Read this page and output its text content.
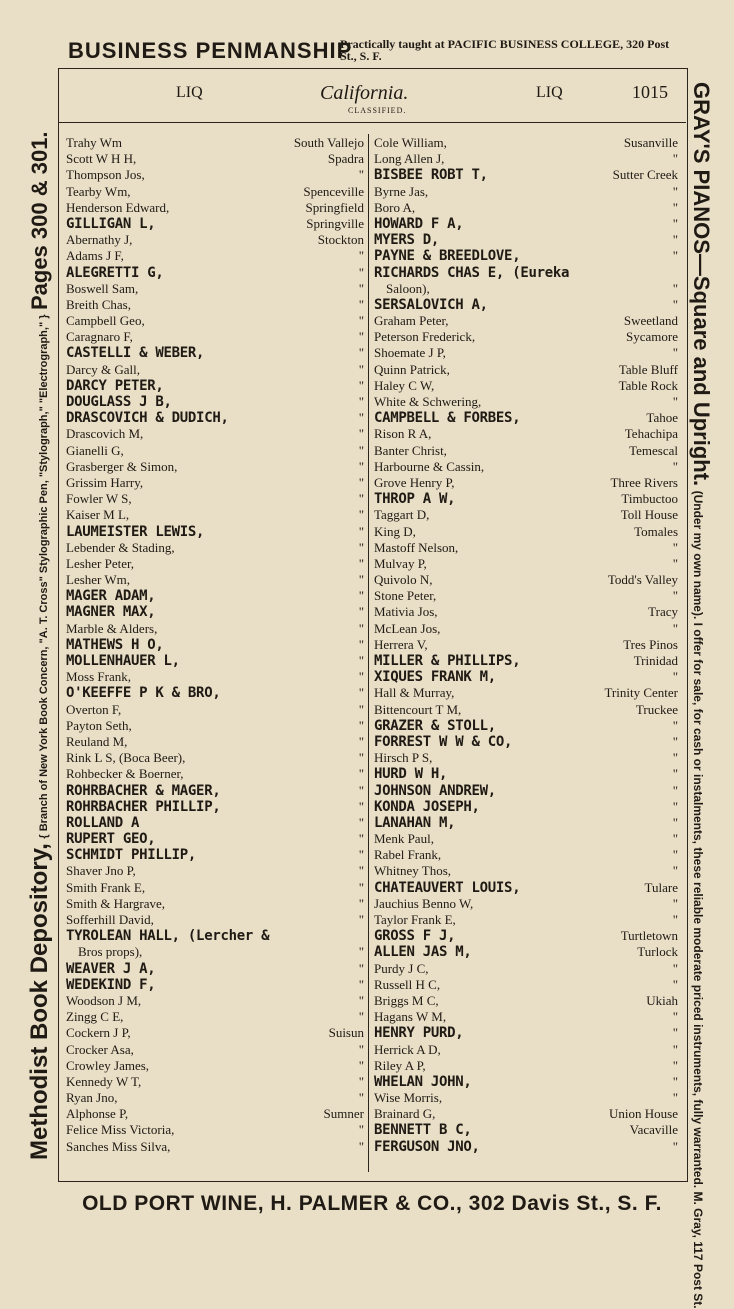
BUSINESS PENMANSHIP
Practically taught at PACIFIC BUSINESS COLLEGE, 320 Post St., S. F.
Methodist Book Depository, { Branch of New York Book Concern, "A. T. Cross" Stylographic Pen, "Stylograph," "Electrograph," } Pages 300 & 301.	GRAY'S PIANOS—Square and Upright. (Under my own name). I offer for sale, for cash or instalments, these reliable moderate priced instruments, fully warranted. M. Gray, 117 Post St.
LIQ	California.
CLASSIFIED.
LIQ	1015
Trahy Wm	South Vallejo
Scott W H H,	Spadra
Thompson Jos,	"
Tearby Wm,	Spenceville
Henderson Edward,	Springfield
GILLIGAN L,	Springville
Abernathy J,	Stockton
Adams J F,	"
ALEGRETTI G,	"
Boswell Sam,	"
Breith Chas,	"
Campbell Geo,	"
Caragnaro F,	"
CASTELLI & WEBER,	"
Darcy & Gall,	"
DARCY PETER,	"
DOUGLASS J B,	"
DRASCOVICH & DUDICH,	"
Drascovich M,	"
Gianelli G,	"
Grasberger & Simon,	"
Grissim Harry,	"
Fowler W S,	"
Kaiser M L,	"
LAUMEISTER LEWIS,	"
Lebender & Stading,	"
Lesher Peter,	"
Lesher Wm,	"
MAGER ADAM,	"
MAGNER MAX,	"
Marble & Alders,	"
MATHEWS H O,	"
MOLLENHAUER L,	"
Moss Frank,	"
O'KEEFFE P K & BRO,	"
Overton F,	"
Payton Seth,	"
Reuland M,	"
Rink L S, (Boca Beer),	"
Rohbecker & Boerner,	"
ROHRBACHER & MAGER,	"
ROHRBACHER PHILLIP,	"
ROLLAND A	"
RUPERT GEO,	"
SCHMIDT PHILLIP,	"
Shaver Jno P,	"
Smith Frank E,	"
Smith & Hargrave,	"
Sofferhill David,	"
TYROLEAN HALL, (Lercher &
Bros props),	"
WEAVER J A,	"
WEDEKIND F,	"
Woodson J M,	"
Zingg C E,	"
Cockern J P,	Suisun
Crocker Asa,	"
Crowley James,	"
Kennedy W T,	"
Ryan Jno,	"
Alphonse P,	Sumner
Felice Miss Victoria,	"
Sanches Miss Silva,	"
Cole William,	Susanville
Long Allen J,	"
BISBEE ROBT T,	Sutter Creek
Byrne Jas,	"
Boro A,	"
HOWARD F A,	"
MYERS D,	"
PAYNE & BREEDLOVE,	"
RICHARDS CHAS E, (Eureka
Saloon),	"
SERSALOVICH A,	"
Graham Peter,	Sweetland
Peterson Frederick,	Sycamore
Shoemate J P,	"
Quinn Patrick,	Table Bluff
Haley C W,	Table Rock
White & Schwering,	"
CAMPBELL & FORBES,	Tahoe
Rison R A,	Tehachipa
Banter Christ,	Temescal
Harbourne & Cassin,	"
Grove Henry P,	Three Rivers
THROP A W,	Timbuctoo
Taggart D,	Toll House
King D,	Tomales
Mastoff Nelson,	"
Mulvay P,	"
Quivolo N,	Todd's Valley
Stone Peter,	"
Mativia Jos,	Tracy
McLean Jos,	"
Herrera V,	Tres Pinos
MILLER & PHILLIPS,	Trinidad
XIQUES FRANK M,	"
Hall & Murray,	Trinity Center
Bittencourt T M,	Truckee
GRAZER & STOLL,	"
FORREST W W & CO,	"
Hirsch P S,	"
HURD W H,	"
JOHNSON ANDREW,	"
KONDA JOSEPH,	"
LANAHAN M,	"
Menk Paul,	"
Rabel Frank,	"
Whitney Thos,	"
CHATEAUVERT LOUIS,	Tulare
Jauchius Benno W,	"
Taylor Frank E,	"
GROSS F J,	Turtletown
ALLEN JAS M,	Turlock
Purdy J C,	"
Russell H C,	"
Briggs M C,	Ukiah
Hagans W M,	"
HENRY PURD,	"
Herrick A D,	"
Riley A P,	"
WHELAN JOHN,	"
Wise Morris,	"
Brainard G,	Union House
BENNETT B C,	Vacaville
FERGUSON JNO,	"
OLD PORT WINE, H. PALMER & CO., 302 Davis St., S. F.
